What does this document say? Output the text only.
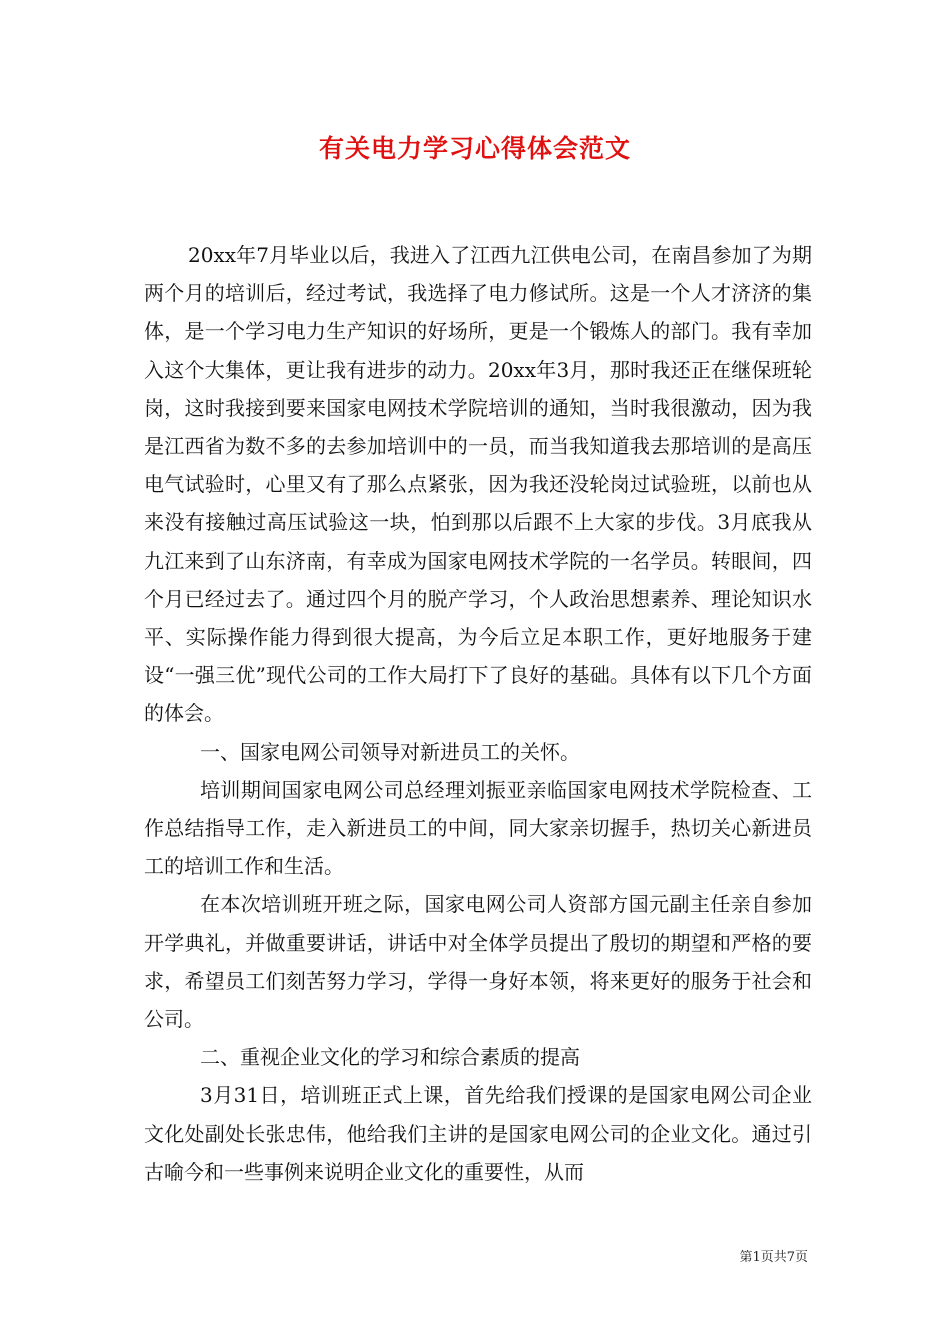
有关电力学习心得体会范文

20xx年7月毕业以后，我进入了江西九江供电公司，在南昌参加了为期两个月的培训后，经过考试，我选择了电力修试所。这是一个人才济济的集体，是一个学习电力生产知识的好场所，更是一个锻炼人的部门。我有幸加入这个大集体，更让我有进步的动力。20xx年3月，那时我还正在继保班轮岗，这时我接到要来国家电网技术学院培训的通知，当时我很激动，因为我是江西省为数不多的去参加培训中的一员，而当我知道我去那培训的是高压电气试验时，心里又有了那么点紧张，因为我还没轮岗过试验班，以前也从来没有接触过高压试验这一块，怕到那以后跟不上大家的步伐。3月底我从九江来到了山东济南，有幸成为国家电网技术学院的一名学员。转眼间，四个月已经过去了。通过四个月的脱产学习，个人政治思想素养、理论知识水平、实际操作能力得到很大提高，为今后立足本职工作，更好地服务于建设“一强三优”现代公司的工作大局打下了良好的基础。具体有以下几个方面的体会。

一、国家电网公司领导对新进员工的关怀。

培训期间国家电网公司总经理刘振亚亲临国家电网技术学院检查、工作总结指导工作，走入新进员工的中间，同大家亲切握手，热切关心新进员工的培训工作和生活。

在本次培训班开班之际，国家电网公司人资部方国元副主任亲自参加开学典礼，并做重要讲话，讲话中对全体学员提出了殷切的期望和严格的要求，希望员工们刻苦努力学习，学得一身好本领，将来更好的服务于社会和公司。

二、重视企业文化的学习和综合素质的提高

3月31日，培训班正式上课，首先给我们授课的是国家电网公司企业文化处副处长张忠伟，他给我们主讲的是国家电网公司的企业文化。通过引古喻今和一些事例来说明企业文化的重要性，从而

第1页共7页
